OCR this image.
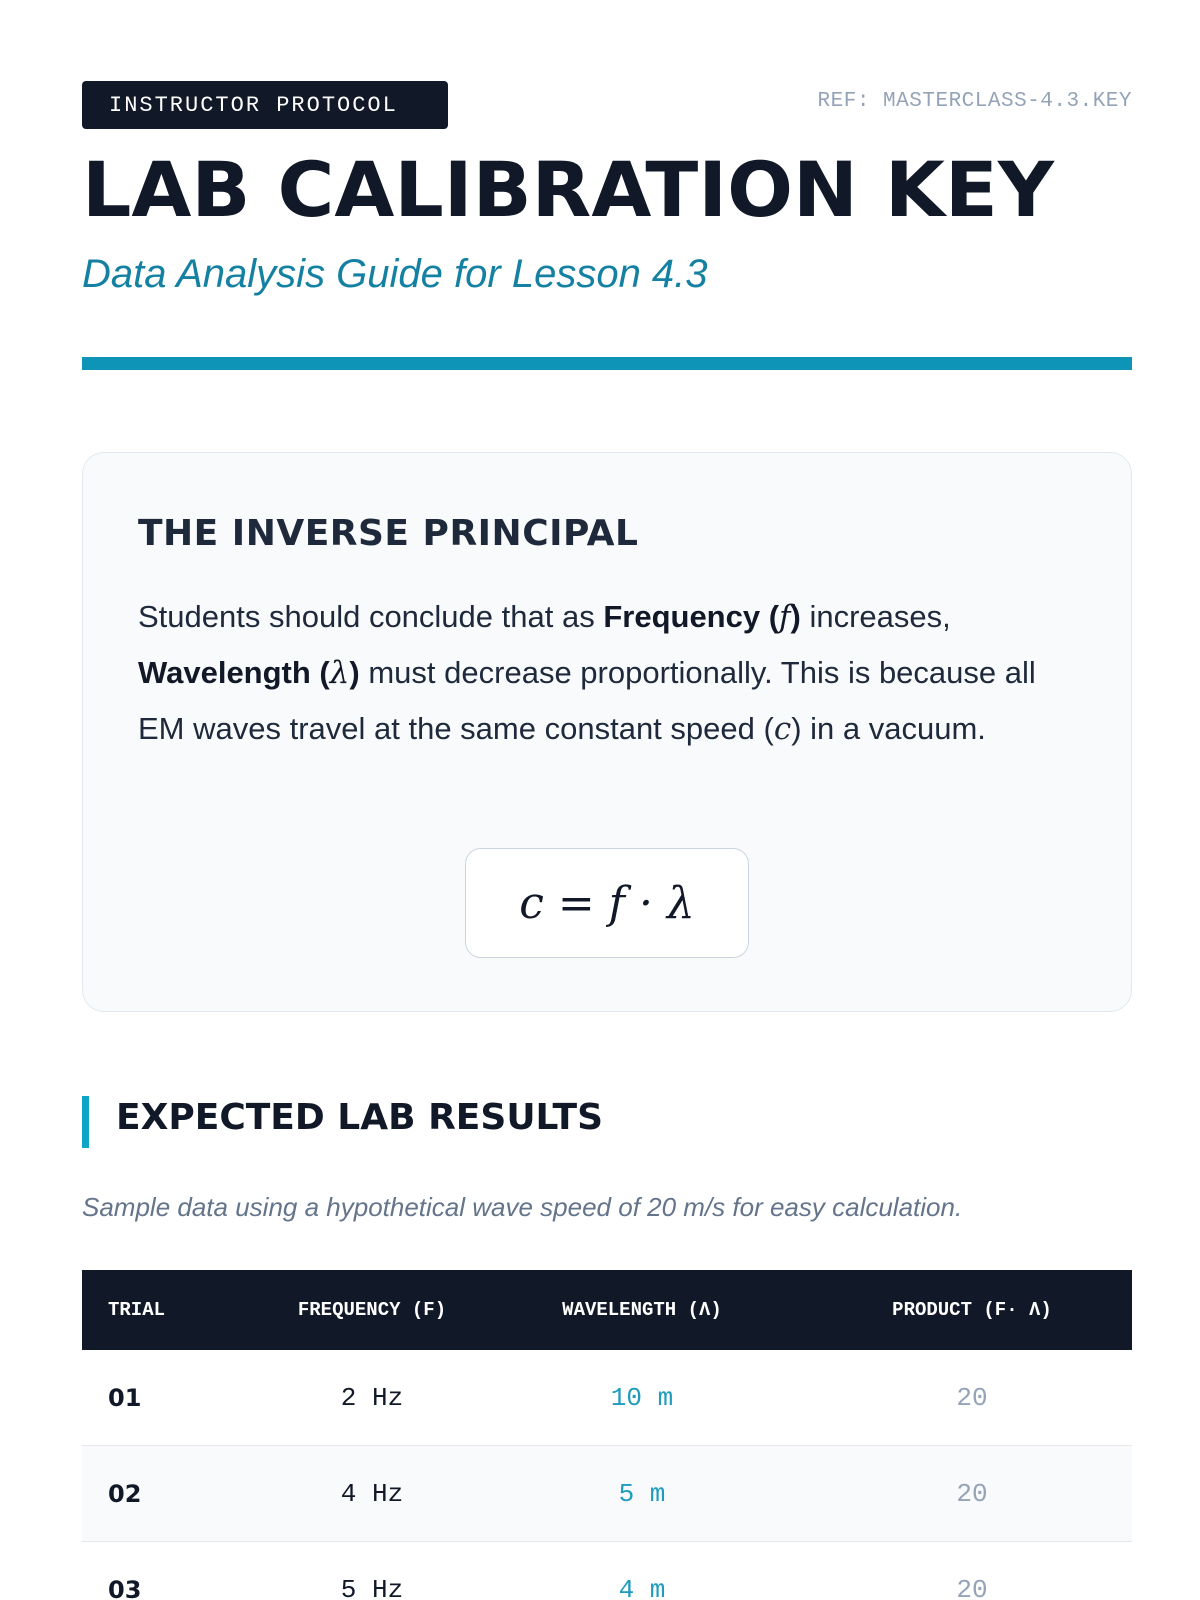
INSTRUCTOR PROTOCOL	REF: MASTERCLASS-4.3.KEY
LAB CALIBRATION KEY
Data Analysis Guide for Lesson 4.3
THE INVERSE PRINCIPAL

Students should conclude that as Frequency (f) increases, Wavelength (λ) must decrease proportionally. This is because all EM waves travel at the same constant speed (c) in a vacuum.

c = f · λ
EXPECTED LAB RESULTS

Sample data using a hypothetical wave speed of 20 m/s for easy calculation.

TRIAL	FREQUENCY (F)	WAVELENGTH (Λ)	PRODUCT (F· Λ)
01	2 Hz	10 m	20
02	4 Hz	5 m	20
03	5 Hz	4 m	20
